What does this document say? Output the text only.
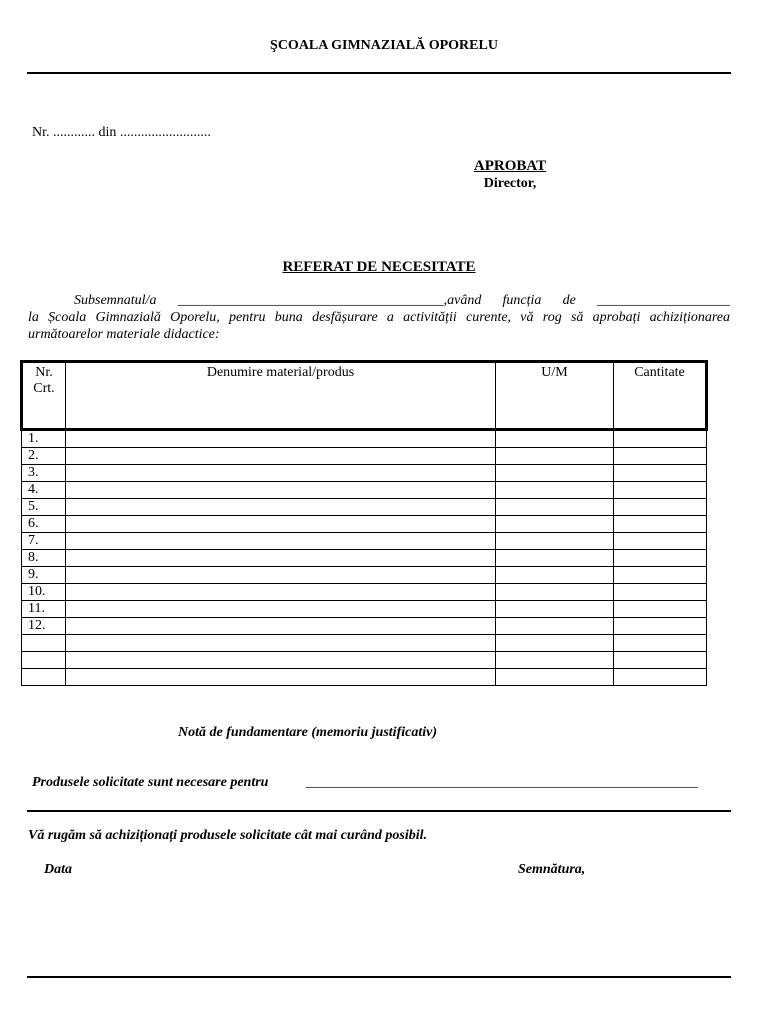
ŞCOALA GIMNAZIALĂ OPORELU
Nr. ............ din ..........................
APROBAT
Director,
REFERAT DE NECESITATE
Subsemnatul/a ______________________________________,având funcția de ___________________
la Școala Gimnazială Oporelu, pentru buna desfășurare a activității curente, vă rog să aprobați achiziționarea
următoarelor materiale didactice:
Nr. Crt.	Denumire material/produs	U/M	Cantitate
1.			
2.			
3.			
4.			
5.			
6.			
7.			
8.			
9.			
10.			
11.			
12.			

Notă de fundamentare (memoriu justificativ)
Produsele solicitate sunt necesare pentru	________________________________________________________
Vă rugăm să achiziționați produsele solicitate cât mai curând posibil.
Data	Semnătura,
